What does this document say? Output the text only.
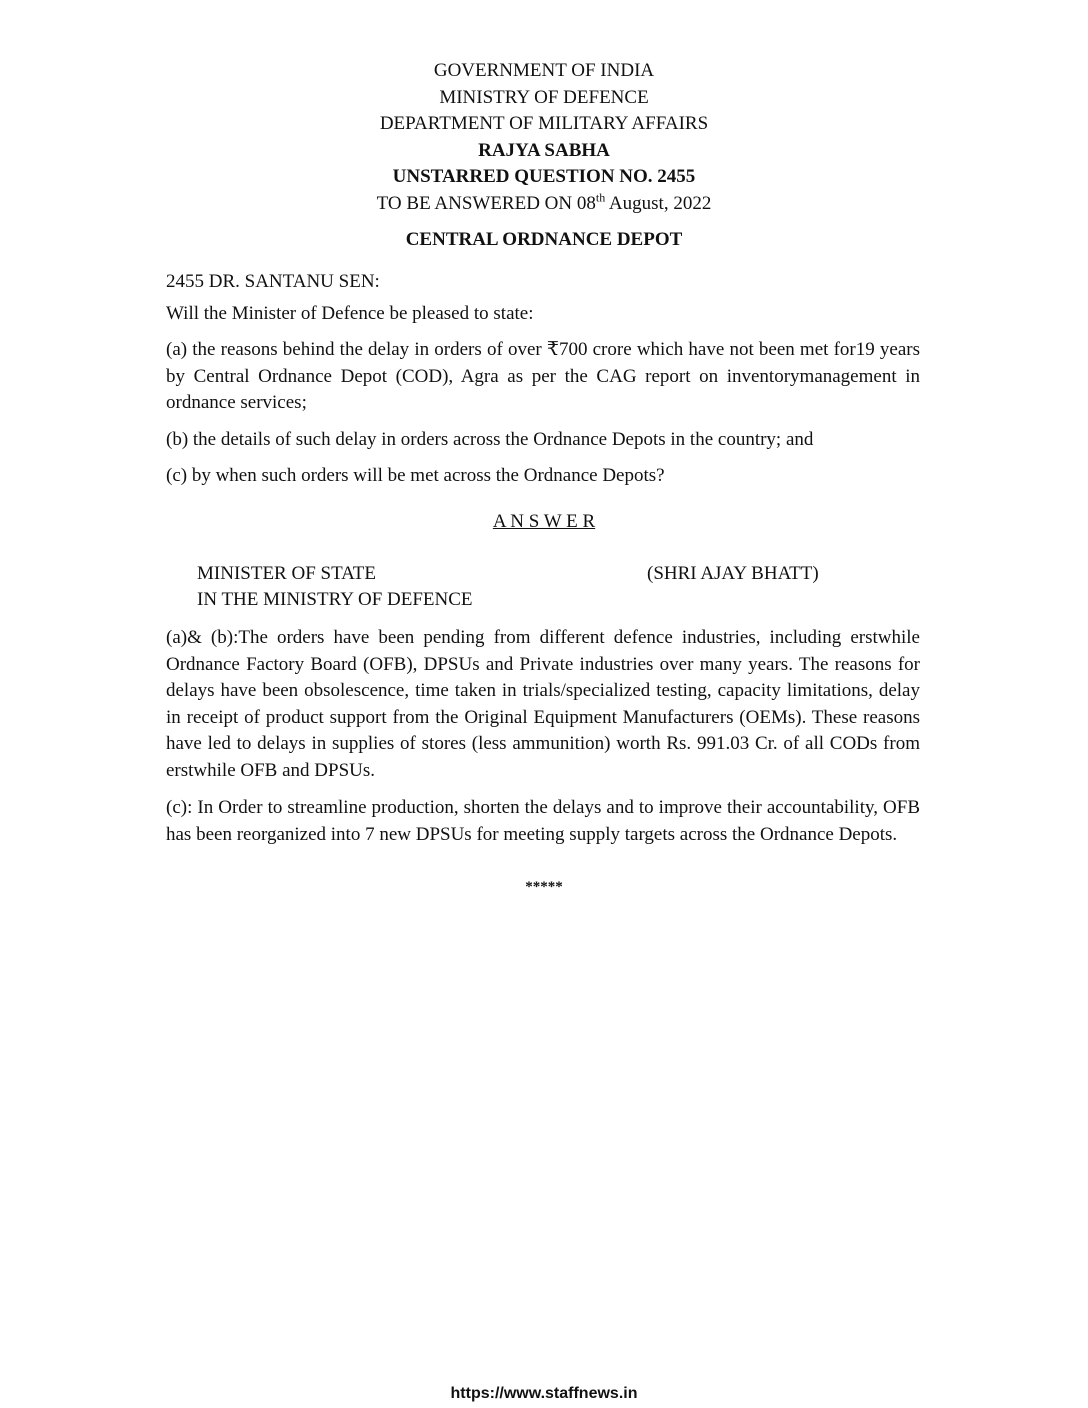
GOVERNMENT OF INDIA
MINISTRY OF DEFENCE
DEPARTMENT OF MILITARY AFFAIRS
RAJYA SABHA
UNSTARRED QUESTION NO. 2455
TO BE ANSWERED ON 08th August, 2022
CENTRAL ORDNANCE DEPOT
2455 DR. SANTANU SEN:
Will the Minister of Defence be pleased to state:
(a) the reasons behind the delay in orders of over ₹700 crore which have not been met for19 years by Central Ordnance Depot (COD), Agra as per the CAG report on inventorymanagement in ordnance services;
(b) the details of such delay in orders across the Ordnance Depots in the country; and
(c) by when such orders will be met across the Ordnance Depots?
A N S W E R
MINISTER OF STATE
IN THE MINISTRY OF DEFENCE
(SHRI AJAY BHATT)
(a)& (b):The orders have been pending from different defence industries, including erstwhile Ordnance Factory Board (OFB), DPSUs and Private industries over many years. The reasons for delays have been obsolescence, time taken in trials/specialized testing, capacity limitations, delay in receipt of product support from the Original Equipment Manufacturers (OEMs). These reasons have led to delays in supplies of stores (less ammunition) worth Rs. 991.03 Cr. of all CODs from erstwhile OFB and DPSUs.
(c): In Order to streamline production, shorten the delays and to improve their accountability, OFB has been reorganized into 7 new DPSUs for meeting supply targets across the Ordnance Depots.
*****
https://www.staffnews.in
